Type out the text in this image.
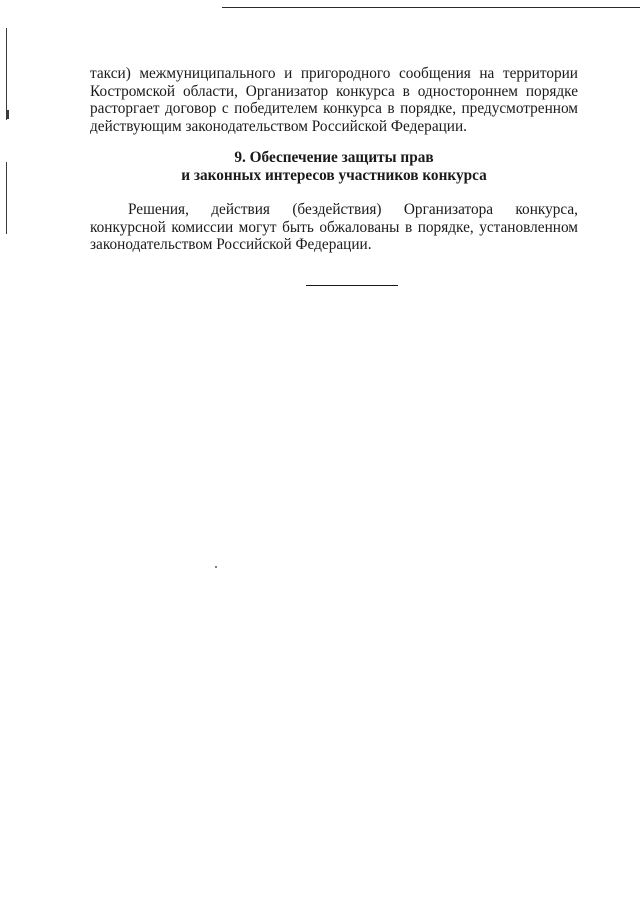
такси) межмуниципального и пригородного сообщения на территории Костромской области, Организатор конкурса в одностороннем порядке расторгает договор с победителем конкурса в порядке, предусмотренном действующим законодательством Российской Федерации.

9. Обеспечение защиты прав
и законных интересов участников конкурса

Решения, действия (бездействия) Организатора конкурса, конкурсной комиссии могут быть обжалованы в порядке, установленном законодательством Российской Федерации.
